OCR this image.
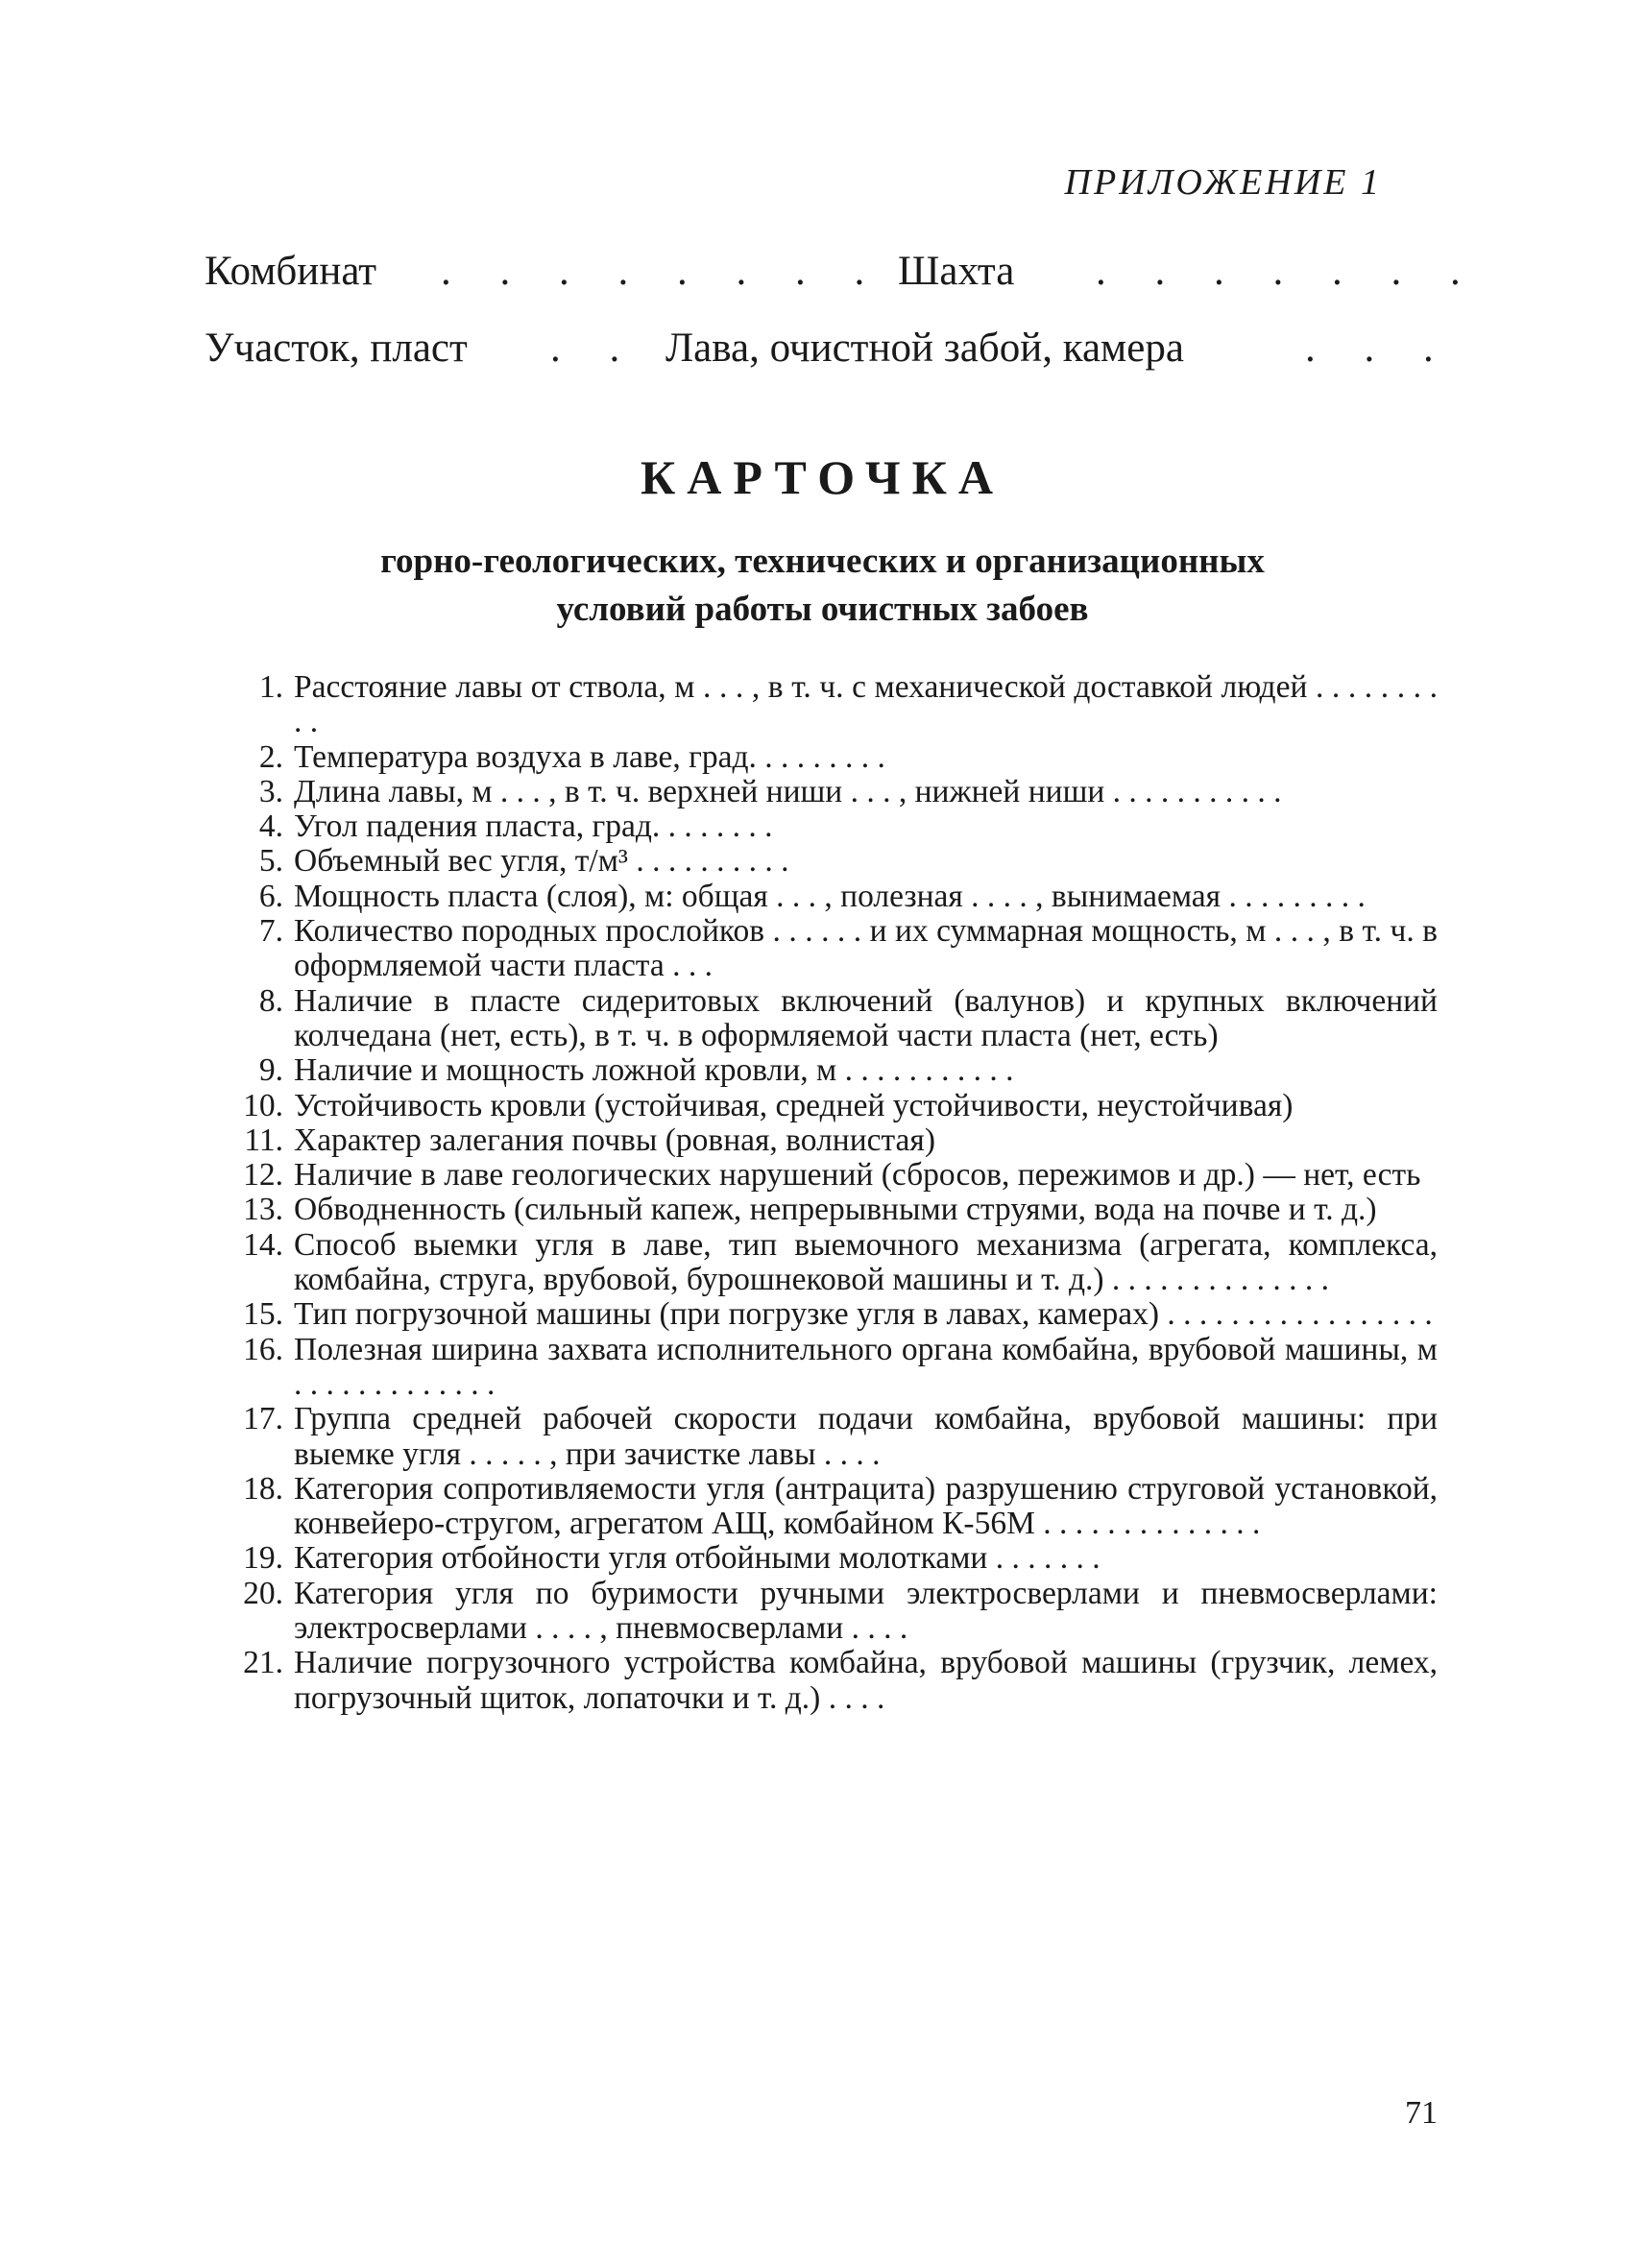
ПРИЛОЖЕНИЕ 1
Комбинат . . . . . . . . Шахта . . . . . . .
Участок, пласт . . Лава, очистной забой, камера	. . .
КАРТОЧКА
горно-геологических, технических и организационных
условий работы очистных забоев
1. Расстояние лавы от ствола, м . . . , в т. ч. с механической доставкой людей . . . . . . . . . .
2. Температура воздуха в лаве, град. . . . . . . . .
3. Длина лавы, м . . . , в т. ч. верхней ниши . . . , нижней ниши . . . . . . . . . . .
4. Угол падения пласта, град. . . . . . . .
5. Объемный вес угля, т/м³ . . . . . . . . . .
6. Мощность пласта (слоя), м: общая . . . , полезная . . . . , вынимаемая . . . . . . . . .
7. Количество породных прослойков . . . . . . и их суммарная мощность, м . . . , в т. ч. в оформляемой части пласта . . .
8. Наличие в пласте сидеритовых включений (валунов) и крупных включений колчедана (нет, есть), в т. ч. в оформляемой части пласта (нет, есть)
9. Наличие и мощность ложной кровли, м . . . . . . . . . . .
10. Устойчивость кровли (устойчивая, средней устойчивости, неустойчивая)
11. Характер залегания почвы (ровная, волнистая)
12. Наличие в лаве геологических нарушений (сбросов, пережимов и др.) — нет, есть
13. Обводненность (сильный капеж, непрерывными струями, вода на почве и т. д.)
14. Способ выемки угля в лаве, тип выемочного механизма (агрегата, комплекса, комбайна, струга, врубовой, бурошнековой машины и т. д.) . . . . . . . . . . . . . .
15. Тип погрузочной машины (при погрузке угля в лавах, камерах) . . . . . . . . . . . . . . . . .
16. Полезная ширина захвата исполнительного органа комбайна, врубовой машины, м . . . . . . . . . . . . .
17. Группа средней рабочей скорости подачи комбайна, врубовой машины: при выемке угля . . . . . , при зачистке лавы . . . .
18. Категория сопротивляемости угля (антрацита) разрушению струговой установкой, конвейеро-стругом, агрегатом АЩ, комбайном К-56М . . . . . . . . . . . . . .
19. Категория отбойности угля отбойными молотками . . . . . . .
20. Категория угля по буримости ручными электросверлами и пневмосверлами: электросверлами . . . . , пневмосверлами . . . .
21. Наличие погрузочного устройства комбайна, врубовой машины (грузчик, лемех, погрузочный щиток, лопаточки и т. д.) . . . .
71
